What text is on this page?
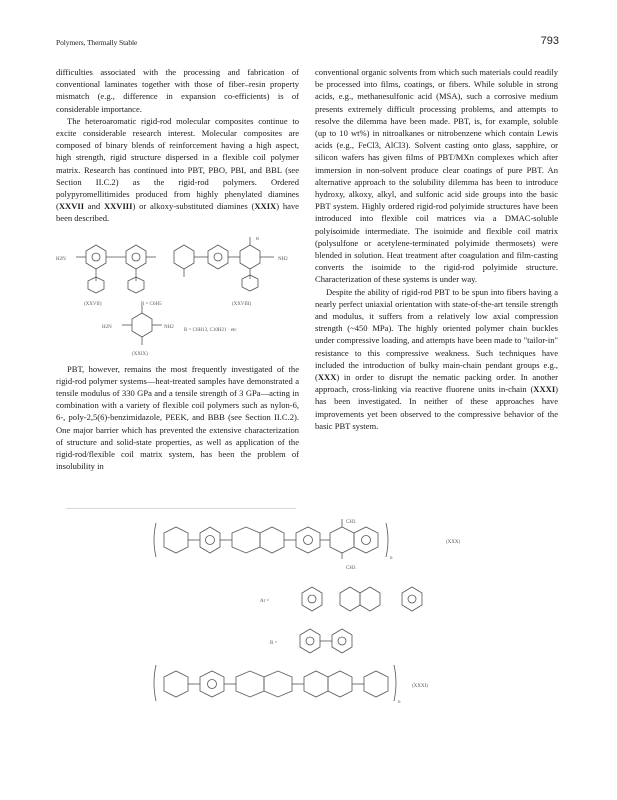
Polymers, Thermally Stable	793

difficulties associated with the processing and fabrication of conventional laminates together with those of fiber–resin property mismatch (e.g., difference in expansion co-efficients) is of considerable importance.

The heteroaromatic rigid-rod molecular composites continue to excite considerable research interest. Molecular composites are composed of binary blends of reinforcement having a high aspect, high strength, rigid structure dispersed in a flexible coil polymer matrix. Research has continued into PBT, PBO, PBI, and BBL (see Section II.C.2) as the rigid-rod polymers. Ordered polypyromellitimides produced from highly phenylated diamines (XXVII and XXVIII) or alkoxy-substituted diamines (XXIX) have been described.

H2N
(XXVII)
NH2
R
R = C6H5	(XXVIII)
H2N	NH2
R = C6H13, C10H21 · etc
(XXIX)

PBT, however, remains the most frequently investigated of the rigid-rod polymer systems—heat-treated samples have demonstrated a tensile modulus of 330 GPa and a tensile strength of 3 GPa—acting in combination with a variety of flexible coil polymers such as nylon-6, 6-, poly-2,5(6)-benzimidazole, PEEK, and BBB (see Section II.C.2). One major barrier which has prevented the extensive characterization of structure and solid-state properties, as well as application of the rigid-rod/flexible coil matrix system, has been the problem of insolubility in

conventional organic solvents from which such materials could readily be processed into films, coatings, or fibers. While soluble in strong acids, e.g., methanesulfonic acid (MSA), such a corrosive medium presents extremely difficult processing problems, and attempts to resolve the dilemma have been made. PBT, is, for example, soluble (up to 10 wt%) in nitroalkanes or nitrobenzene which contain Lewis acids (e.g., FeCl3, AlCl3). Solvent casting onto glass, sapphire, or silicon wafers has given films of PBT/MXn complexes which after immersion in non-solvent produce clear coatings of pure PBT. An alternative approach to the solubility dilemma has been to introduce hydroxy, alkoxy, alkyl, and sulfonic acid side groups into the basic PBT system. Highly ordered rigid-rod polyimide structures have been introduced into flexible coil matrices via a DMAC-soluble polyisoimide intermediate. The isoimide and flexible coil matrix (polysulfone or acetylene-terminated polyimide thermosets) were blended in solution. Heat treatment after coagulation and film-casting converts the isoimide to the rigid-rod polyimide structure. Characterization of these systems is under way.

Despite the ability of rigid-rod PBT to be spun into fibers having a nearly perfect uniaxial orientation with state-of-the-art tensile strength and modulus, it suffers from a relatively low axial compression strength (~450 MPa). The highly oriented polymer chain buckles under compressive loading, and attempts have been made to "tailor-in" resistance to this compressive weakness. Such techniques have included the introduction of bulky main-chain pendant groups e.g., (XXX) in order to disrupt the nematic packing order. In another approach, cross-linking via reactive fluorene units in-chain (XXXI) has been investigated. In neither of these approaches have improvements yet been observed to the compressive behavior of the basic PBT system.

CH3
CH3
n
(XXX)
Ar =
R =
n
(XXXI)
